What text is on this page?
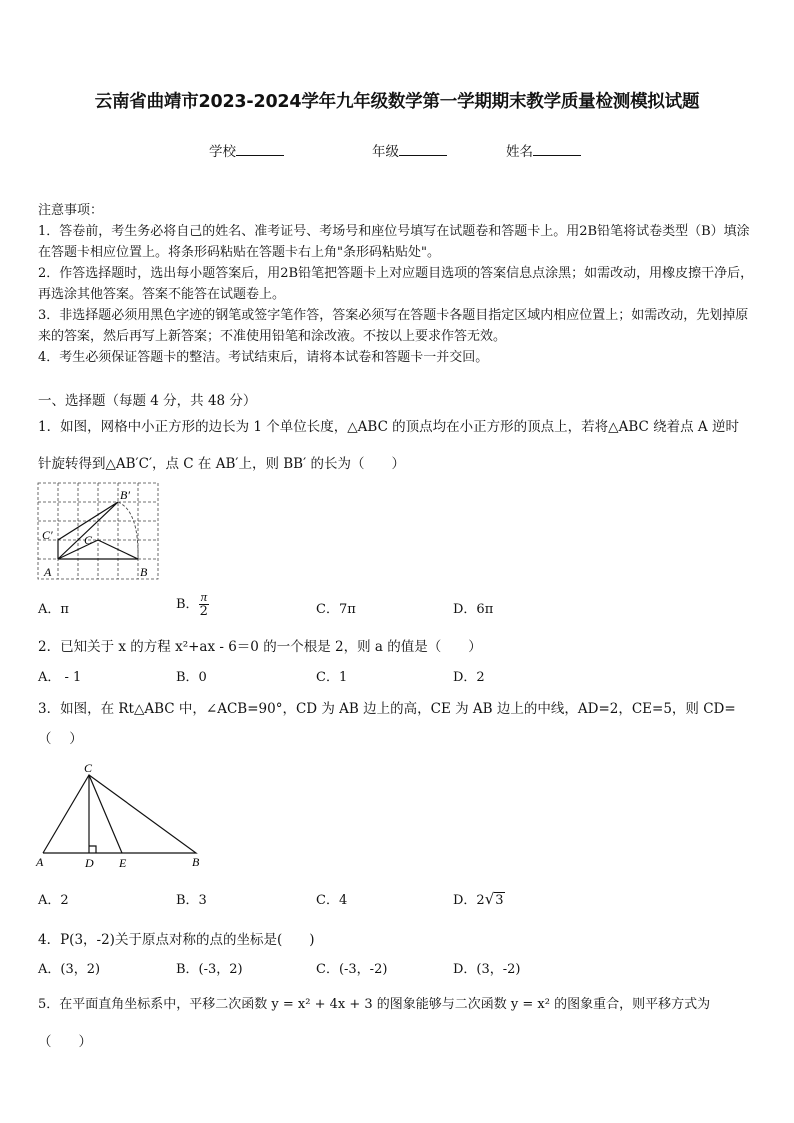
云南省曲靖市2023-2024学年九年级数学第一学期期末教学质量检测模拟试题
学校	年级	姓名
注意事项：
1．答卷前，考生务必将自己的姓名、准考证号、考场号和座位号填写在试题卷和答题卡上。用2B铅笔将试卷类型（B）填涂在答题卡相应位置上。将条形码粘贴在答题卡右上角"条形码粘贴处"。
2．作答选择题时，选出每小题答案后，用2B铅笔把答题卡上对应题目选项的答案信息点涂黑；如需改动，用橡皮擦干净后，再选涂其他答案。答案不能答在试题卷上。
3．非选择题必须用黑色字迹的钢笔或签字笔作答，答案必须写在答题卡各题目指定区域内相应位置上；如需改动，先划掉原来的答案，然后再写上新答案；不准使用铅笔和涂改液。不按以上要求作答无效。
4．考生必须保证答题卡的整洁。考试结束后，请将本试卷和答题卡一并交回。
一、选择题（每题 4 分，共 48 分）
1．如图，网格中小正方形的边长为 1 个单位长度，△ABC 的顶点均在小正方形的顶点上，若将△ABC 绕着点 A 逆时
针旋转得到△AB′C′，点 C 在 AB′上，则 BB′ 的长为（　　）
B′
C′	C
A	B
A．π	B． $\frac{\pi}{2}$	C．7π	D．6π
2．已知关于 x 的方程 x²+ax - 6＝0 的一个根是 2，则 a 的值是（　　）
A． - 1	B．0	C．1	D．2
3．如图，在 Rt△ABC 中，∠ACB=90°，CD 为 AB 边上的高，CE 为 AB 边上的中线，AD=2，CE=5，则 CD=
（　 ）
C
A	D E	B
A．2	B．3	C．4	D．2√3
4．P(3，-2)关于原点对称的点的坐标是(　　)
A．(3，2)	B．(-3，2)	C．(-3，-2)	D．(3，-2)
5．在平面直角坐标系中，平移二次函数 y = x² + 4x + 3 的图象能够与二次函数 y = x² 的图象重合，则平移方式为
（　　）
